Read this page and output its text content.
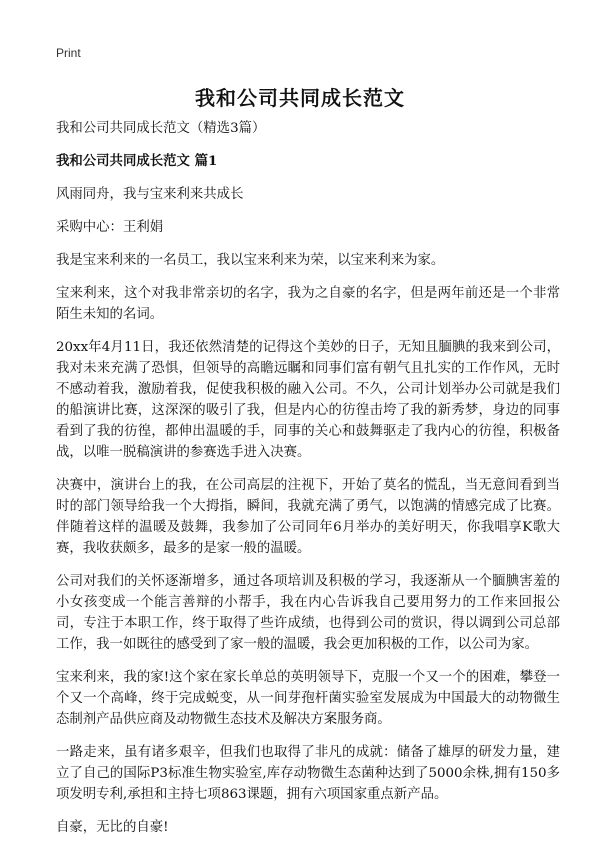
Print
我和公司共同成长范文

我和公司共同成长范文（精选3篇）

我和公司共同成长范文 篇1

风雨同舟，我与宝来利来共成长

采购中心：王利娟

我是宝来利来的一名员工，我以宝来利来为荣，以宝来利来为家。

宝来利来，这个对我非常亲切的名字，我为之自豪的名字，但是两年前还是一个非常陌生未知的名词。

20xx年4月11日，我还依然清楚的记得这个美妙的日子，无知且腼腆的我来到公司，我对未来充满了恐惧，但领导的高瞻远瞩和同事们富有朝气且扎实的工作作风，无时不感动着我，激励着我，促使我积极的融入公司。不久，公司计划举办公司就是我们的船演讲比赛，这深深的吸引了我，但是内心的彷徨击垮了我的新秀梦，身边的同事看到了我的彷徨，都伸出温暖的手，同事的关心和鼓舞驱走了我内心的彷徨，积极备战，以唯一脱稿演讲的参赛选手进入决赛。

决赛中，演讲台上的我，在公司高层的注视下，开始了莫名的慌乱，当无意间看到当时的部门领导给我一个大拇指，瞬间，我就充满了勇气，以饱满的情感完成了比赛。伴随着这样的温暖及鼓舞，我参加了公司同年6月举办的美好明天，你我唱享K歌大赛，我收获颇多，最多的是家一般的温暖。

公司对我们的关怀逐渐增多，通过各项培训及积极的学习，我逐渐从一个腼腆害羞的小女孩变成一个能言善辩的小帮手，我在内心告诉我自己要用努力的工作来回报公司，专注于本职工作，终于取得了些许成绩，也得到公司的赏识，得以调到公司总部工作，我一如既往的感受到了家一般的温暖，我会更加积极的工作，以公司为家。

宝来利来，我的家!这个家在家长单总的英明领导下，克服一个又一个的困难，攀登一个又一个高峰，终于完成蜕变，从一间芽孢杆菌实验室发展成为中国最大的动物微生态制剂产品供应商及动物微生态技术及解决方案服务商。

一路走来，虽有诸多艰辛，但我们也取得了非凡的成就：储备了雄厚的研发力量，建立了自己的国际P3标准生物实验室,库存动物微生态菌种达到了5000余株,拥有150多项发明专利,承担和主持七项863课题，拥有六项国家重点新产品。

自豪，无比的自豪!
